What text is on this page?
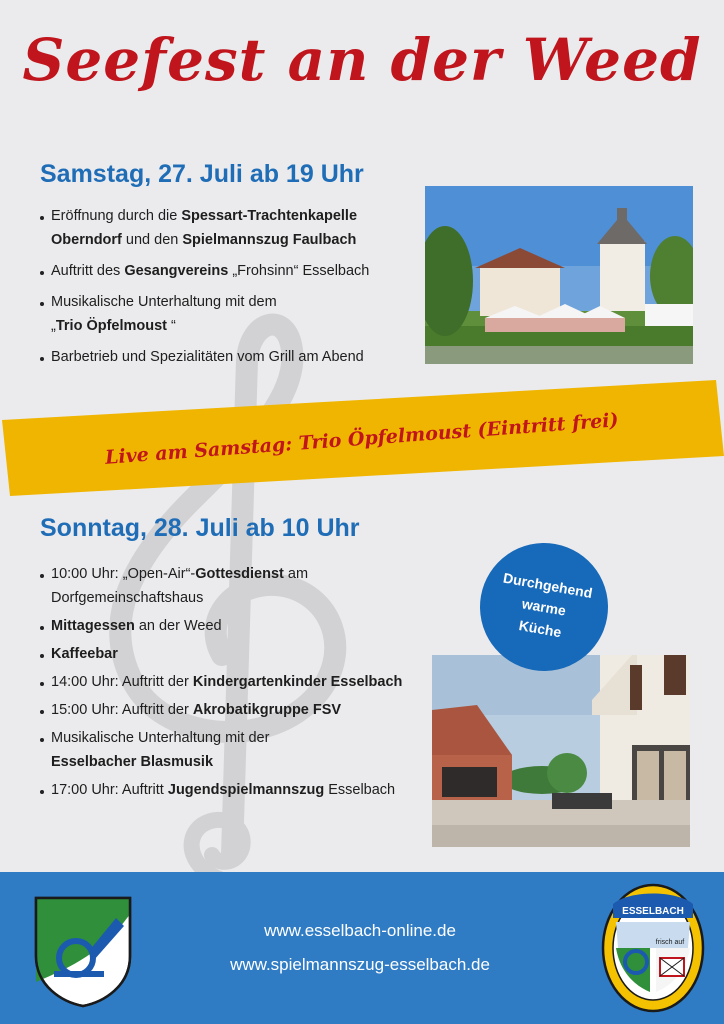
Seefest an der Weed
Samstag, 27. Juli ab 19 Uhr
Eröffnung durch die Spessart-Trachtenkapelle
Oberndorf und den Spielmannszug Faulbach
Auftritt des Gesangvereins „Frohsinn“ Esselbach
Musikalische Unterhaltung mit dem
„Trio Öpfelmoust “
Barbetrieb und Spezialitäten vom Grill am Abend
Live am Samstag: Trio Öpfelmoust (Eintritt frei)
Sonntag, 28. Juli ab 10 Uhr
10:00 Uhr: „Open-Air“-Gottesdienst am
Dorfgemeinschaftshaus
Mittagessen an der Weed
Kaffeebar
14:00 Uhr: Auftritt der Kindergartenkinder Esselbach
15:00 Uhr: Auftritt der Akrobatikgruppe FSV
Musikalische Unterhaltung mit der
Esselbacher Blasmusik
17:00 Uhr: Auftritt Jugendspielmannszug Esselbach
Durchgehend
warme
Küche
www.esselbach-online.de
www.spielmannszug-esselbach.de
ESSELBACH
frisch auf
